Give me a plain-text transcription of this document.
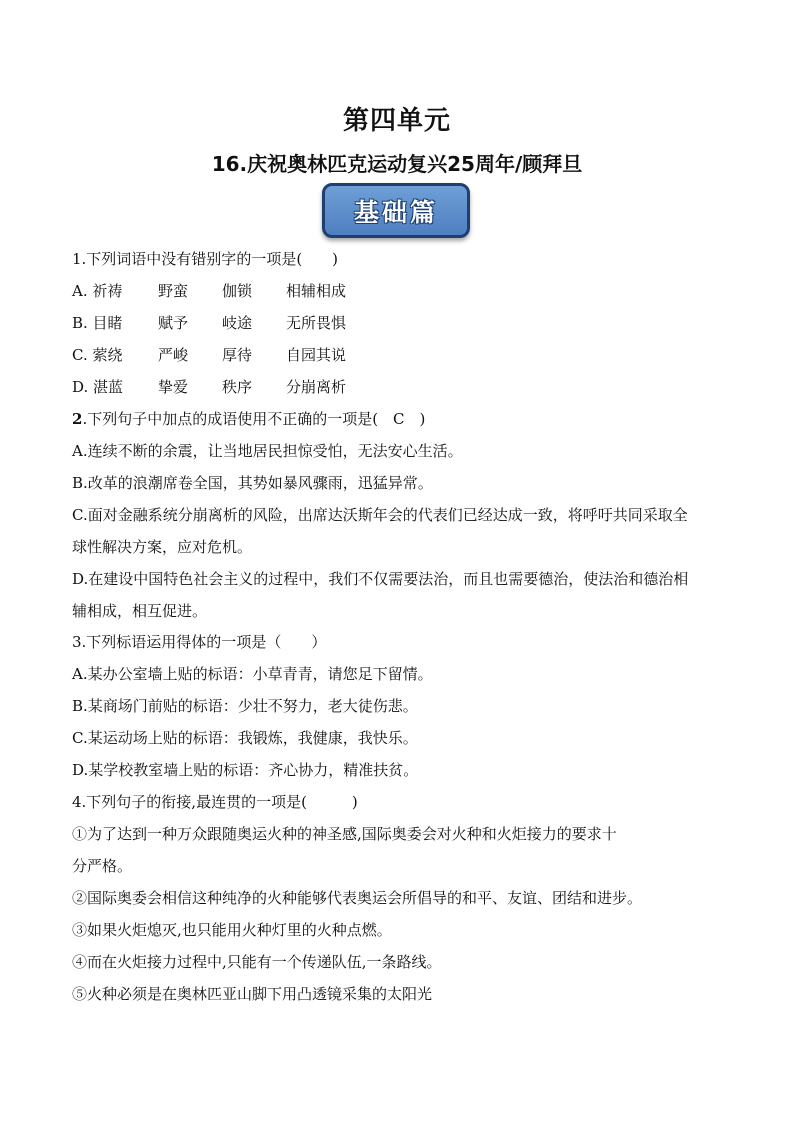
第四单元
16.庆祝奥林匹克运动复兴25周年/顾拜旦
基础篇
1.下列词语中没有错别字的一项是(　　)
A. 祈祷 野蛮 伽锁 相辅相成
B. 目睹 赋予 岐途 无所畏惧
C. 萦绕 严峻 厚待 自园其说
D. 湛蓝 挚爱 秩序 分崩离析
2.下列句子中加点的成语使用不正确的一项是(　C　)
A.连续不断的余震，让当地居民担惊受怕，无法安心生活。
B.改革的浪潮席卷全国，其势如暴风骤雨，迅猛异常。
C.面对金融系统分崩离析的风险，出席达沃斯年会的代表们已经达成一致，将呼吁共同采取全
球性解决方案，应对危机。
D.在建设中国特色社会主义的过程中，我们不仅需要法治，而且也需要德治，使法治和德治相
辅相成，相互促进。
3.下列标语运用得体的一项是（　　）
A.某办公室墙上贴的标语：小草青青，请您足下留情。
B.某商场门前贴的标语：少壮不努力，老大徒伤悲。
C.某运动场上贴的标语：我锻炼，我健康，我快乐。
D.某学校教室墙上贴的标语：齐心协力，精准扶贫。
4.下列句子的衔接,最连贯的一项是(　　　)
①为了达到一种万众跟随奥运火种的神圣感,国际奥委会对火种和火炬接力的要求十
分严格。
②国际奥委会相信这种纯净的火种能够代表奥运会所倡导的和平、友谊、团结和进步。
③如果火炬熄灭,也只能用火种灯里的火种点燃。
④而在火炬接力过程中,只能有一个传递队伍,一条路线。
⑤火种必须是在奥林匹亚山脚下用凸透镜采集的太阳光
